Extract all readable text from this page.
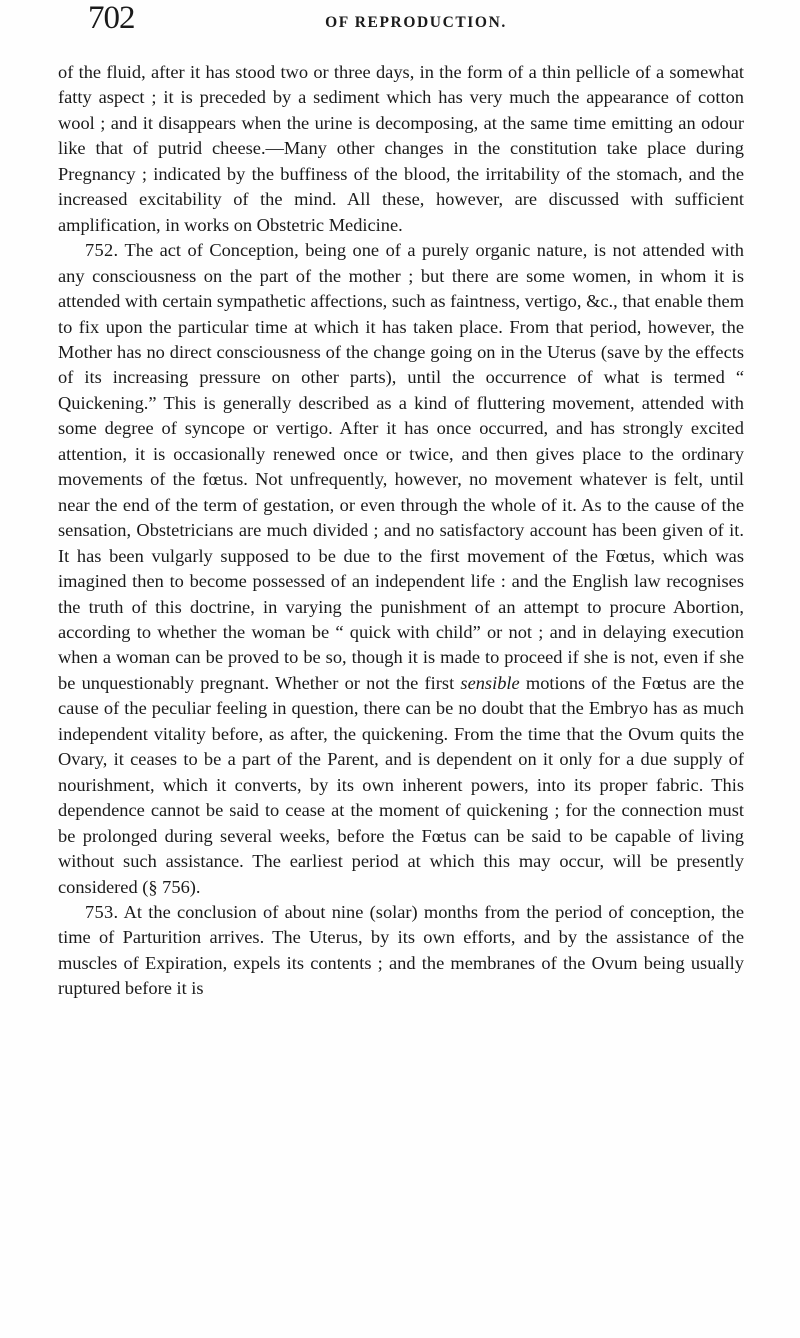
702	OF REPRODUCTION.

of the fluid, after it has stood two or three days, in the form of a thin pellicle of a somewhat fatty aspect ; it is preceded by a sediment which has very much the appearance of cotton wool ; and it disappears when the urine is decomposing, at the same time emitting an odour like that of putrid cheese.—Many other changes in the constitution take place during Pregnancy ; indicated by the buffiness of the blood, the irritability of the stomach, and the increased excitability of the mind. All these, however, are discussed with sufficient amplification, in works on Obstetric Medicine.

752. The act of Conception, being one of a purely organic nature, is not attended with any consciousness on the part of the mother ; but there are some women, in whom it is attended with certain sympathetic affections, such as faintness, vertigo, &c., that enable them to fix upon the particular time at which it has taken place. From that period, however, the Mother has no direct consciousness of the change going on in the Uterus (save by the effects of its increasing pressure on other parts), until the occurrence of what is termed “ Quickening.” This is generally described as a kind of fluttering movement, attended with some degree of syncope or vertigo. After it has once occurred, and has strongly excited attention, it is occasionally renewed once or twice, and then gives place to the ordinary movements of the fœtus. Not unfrequently, however, no movement whatever is felt, until near the end of the term of gestation, or even through the whole of it. As to the cause of the sensation, Obstetricians are much divided ; and no satisfactory account has been given of it. It has been vulgarly supposed to be due to the first movement of the Fœtus, which was imagined then to become possessed of an independent life : and the English law recognises the truth of this doctrine, in varying the punishment of an attempt to procure Abortion, according to whether the woman be “ quick with child” or not ; and in delaying execution when a woman can be proved to be so, though it is made to proceed if she is not, even if she be unquestionably pregnant. Whether or not the first sensible motions of the Fœtus are the cause of the peculiar feeling in question, there can be no doubt that the Embryo has as much independent vitality before, as after, the quickening. From the time that the Ovum quits the Ovary, it ceases to be a part of the Parent, and is dependent on it only for a due supply of nourishment, which it converts, by its own inherent powers, into its proper fabric. This dependence cannot be said to cease at the moment of quickening ; for the connection must be prolonged during several weeks, before the Fœtus can be said to be capable of living without such assistance. The earliest period at which this may occur, will be presently considered (§ 756).

753. At the conclusion of about nine (solar) months from the period of conception, the time of Parturition arrives. The Uterus, by its own efforts, and by the assistance of the muscles of Expiration, expels its contents ; and the membranes of the Ovum being usually ruptured before it is
